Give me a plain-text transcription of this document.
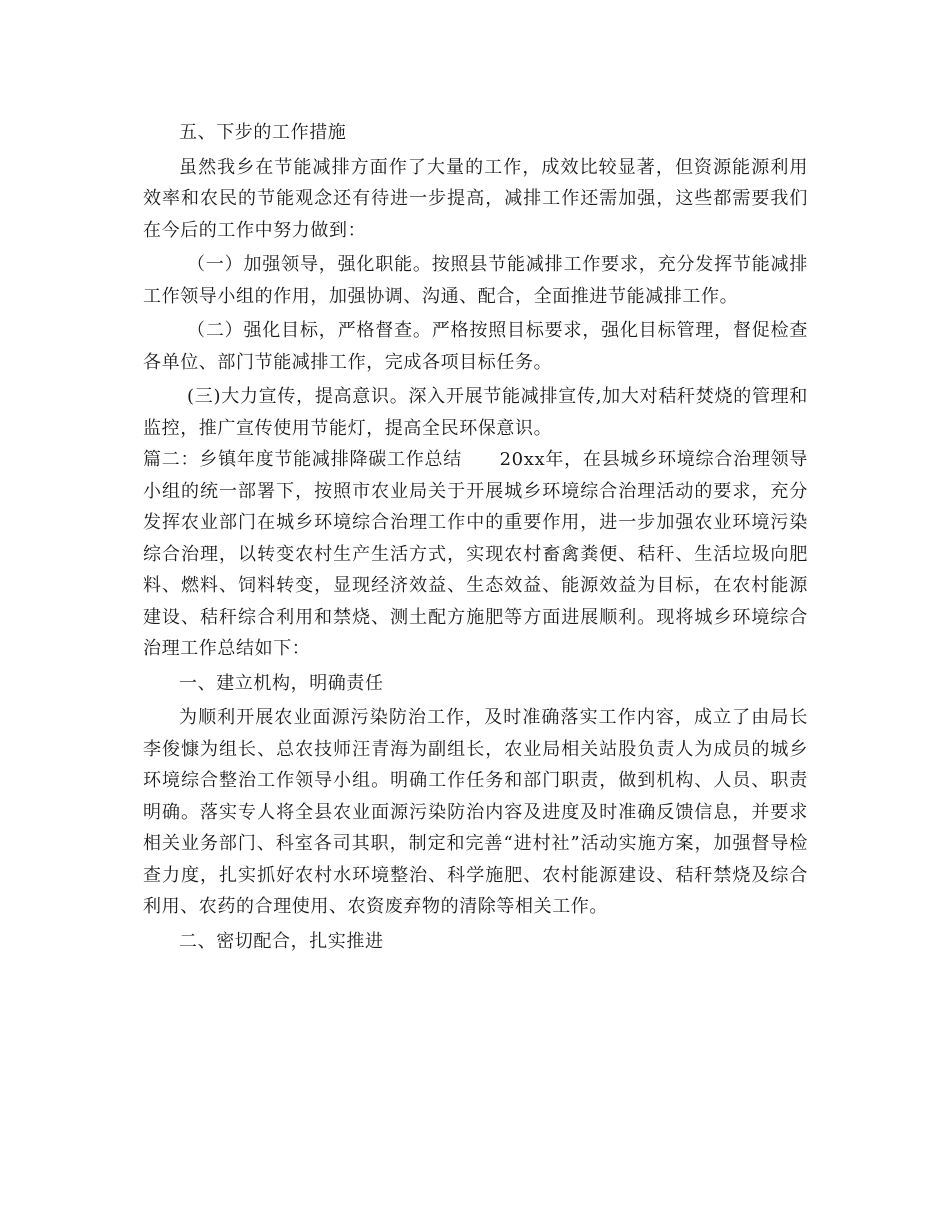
五、下步的工作措施

虽然我乡在节能减排方面作了大量的工作，成效比较显著，但资源能源利用效率和农民的节能观念还有待进一步提高，减排工作还需加强，这些都需要我们在今后的工作中努力做到：

（一）加强领导，强化职能。按照县节能减排工作要求，充分发挥节能减排工作领导小组的作用，加强协调、沟通、配合，全面推进节能减排工作。

（二）强化目标，严格督查。严格按照目标要求，强化目标管理，督促检查各单位、部门节能减排工作，完成各项目标任务。

(三)大力宣传，提高意识。深入开展节能减排宣传,加大对秸秆焚烧的管理和监控，推广宣传使用节能灯，提高全民环保意识。

篇二：乡镇年度节能减排降碳工作总结　　20xx年，在县城乡环境综合治理领导小组的统一部署下，按照市农业局关于开展城乡环境综合治理活动的要求，充分发挥农业部门在城乡环境综合治理工作中的重要作用，进一步加强农业环境污染综合治理，以转变农村生产生活方式，实现农村畜禽粪便、秸秆、生活垃圾向肥料、燃料、饲料转变，显现经济效益、生态效益、能源效益为目标，在农村能源建设、秸秆综合利用和禁烧、测土配方施肥等方面进展顺利。现将城乡环境综合治理工作总结如下：

一、建立机构，明确责任

为顺利开展农业面源污染防治工作，及时准确落实工作内容，成立了由局长李俊慷为组长、总农技师汪青海为副组长，农业局相关站股负责人为成员的城乡环境综合整治工作领导小组。明确工作任务和部门职责，做到机构、人员、职责明确。落实专人将全县农业面源污染防治内容及进度及时准确反馈信息，并要求相关业务部门、科室各司其职，制定和完善“进村社”活动实施方案，加强督导检查力度，扎实抓好农村水环境整治、科学施肥、农村能源建设、秸秆禁烧及综合利用、农药的合理使用、农资废弃物的清除等相关工作。

二、密切配合，扎实推进
